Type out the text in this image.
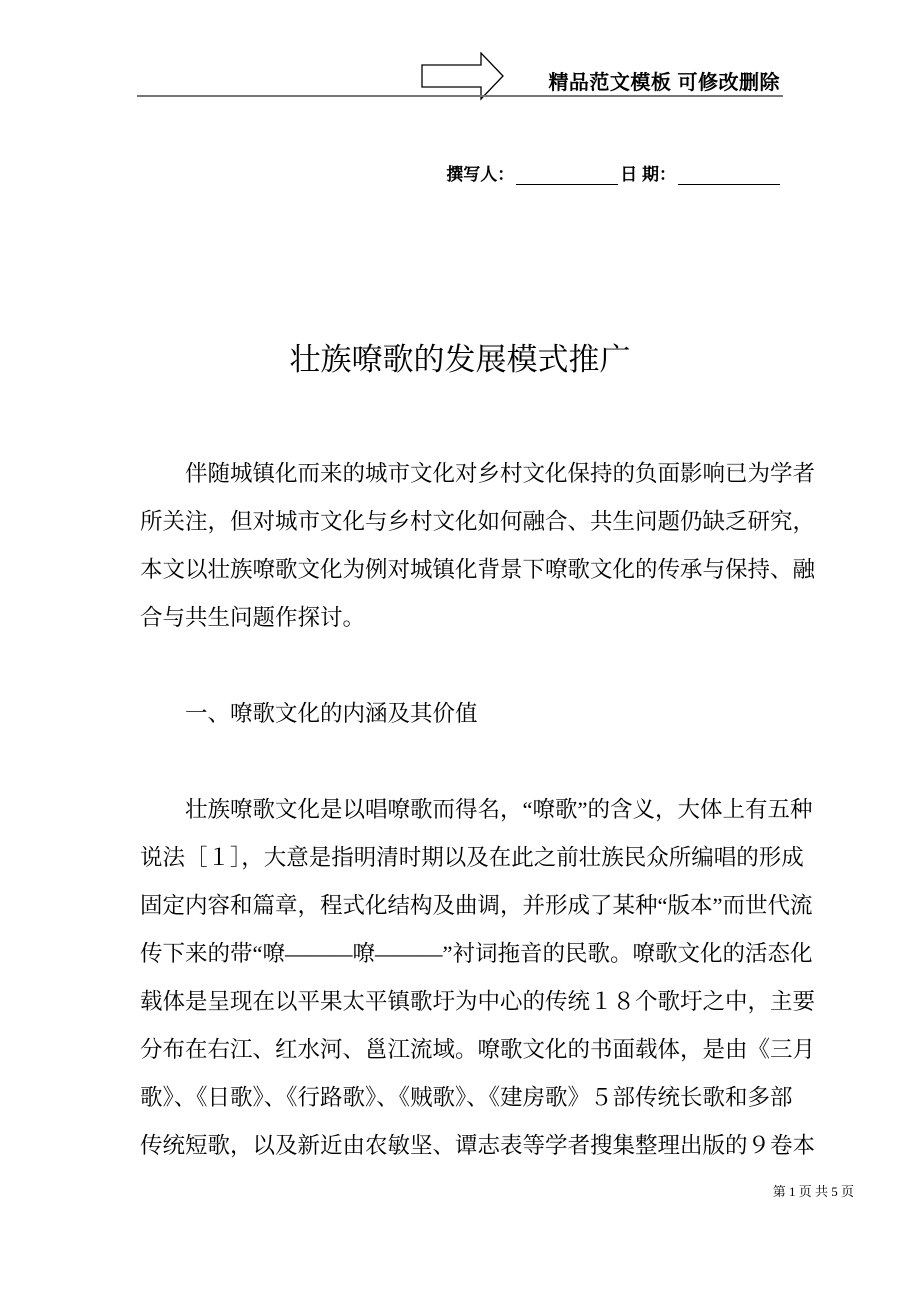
精品范文模板 可修改删除
撰写人：	日 期：
壮族嘹歌的发展模式推广
　　伴随城镇化而来的城市文化对乡村文化保持的负面影响已为学者
所关注，但对城市文化与乡村文化如何融合、共生问题仍缺乏研究，
本文以壮族嘹歌文化为例对城镇化背景下嘹歌文化的传承与保持、融
合与共生问题作探讨。
　　一、嘹歌文化的内涵及其价值
　　壮族嘹歌文化是以唱嘹歌而得名，“嘹歌”的含义，大体上有五种
说法［１］，大意是指明清时期以及在此之前壮族民众所编唱的形成
固定内容和篇章，程式化结构及曲调，并形成了某种“版本”而世代流
传下来的带“嘹———嘹———”衬词拖音的民歌。嘹歌文化的活态化
载体是呈现在以平果太平镇歌圩为中心的传统１８个歌圩之中，主要
分布在右江、红水河、邕江流域。嘹歌文化的书面载体，是由《三月
歌》、《日歌》、《行路歌》、《贼歌》、《建房歌》５部传统长歌和多部
传统短歌，以及新近由农敏坚、谭志表等学者搜集整理出版的９卷本
第 1 页 共 5 页
